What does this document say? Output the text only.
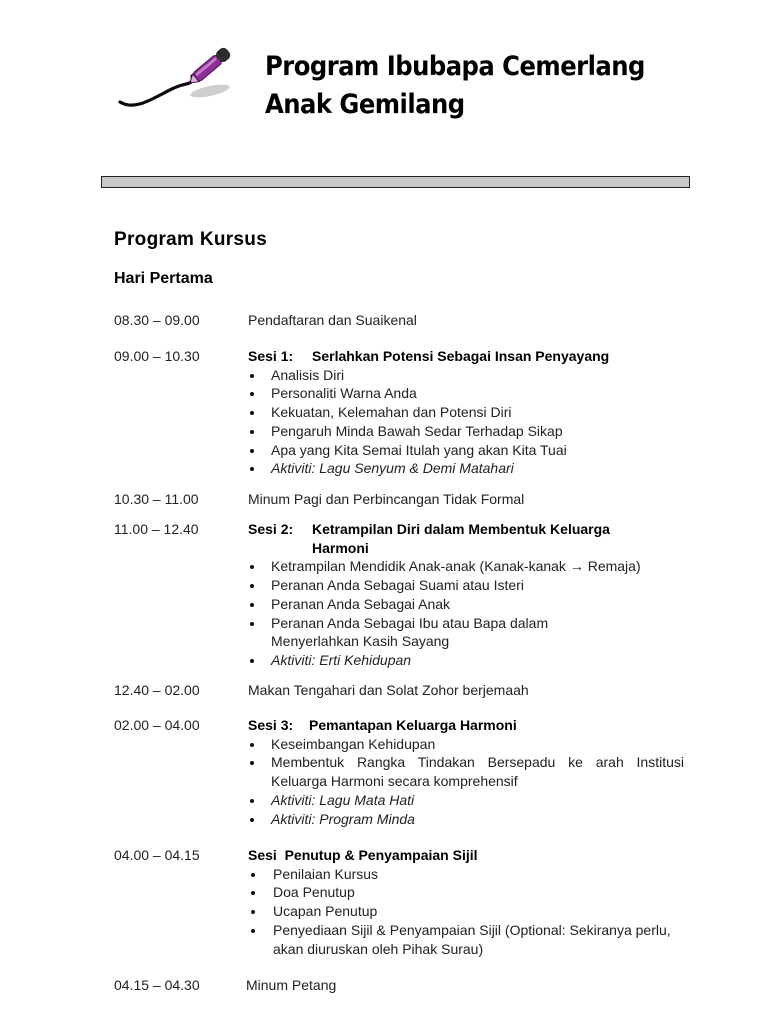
Program Ibubapa Cemerlang
Anak Gemilang
Program Kursus
Hari Pertama
08.30 – 09.00	Pendaftaran dan Suaikenal
09.00 – 10.30	Sesi 1: Serlahkan Potensi Sebagai Insan Penyayang
Analisis Diri
Personaliti Warna Anda
Kekuatan, Kelemahan dan Potensi Diri
Pengaruh Minda Bawah Sedar Terhadap Sikap
Apa yang Kita Semai Itulah yang akan Kita Tuai
Aktiviti: Lagu Senyum & Demi Matahari
10.30 – 11.00	Minum Pagi dan Perbincangan Tidak Formal
11.00 – 12.40	Sesi 2: Ketrampilan Diri dalam Membentuk Keluarga
Harmoni
Ketrampilan Mendidik Anak-anak (Kanak-kanak → Remaja)
Peranan Anda Sebagai Suami atau Isteri
Peranan Anda Sebagai Anak
Peranan Anda Sebagai Ibu atau Bapa dalam Menyerlahkan Kasih Sayang
Aktiviti: Erti Kehidupan
12.40 – 02.00	Makan Tengahari dan Solat Zohor berjemaah
02.00 – 04.00	Sesi 3: Pemantapan Keluarga Harmoni
Keseimbangan Kehidupan
Membentuk Rangka Tindakan Bersepadu ke arah Institusi Keluarga Harmoni secara komprehensif
Aktiviti: Lagu Mata Hati
Aktiviti: Program Minda
04.00 – 04.15	Sesi  Penutup & Penyampaian Sijil
Penilaian Kursus
Doa Penutup
Ucapan Penutup
Penyediaan Sijil & Penyampaian Sijil (Optional: Sekiranya perlu, akan diuruskan oleh Pihak Surau)
04.15 – 04.30	Minum Petang
